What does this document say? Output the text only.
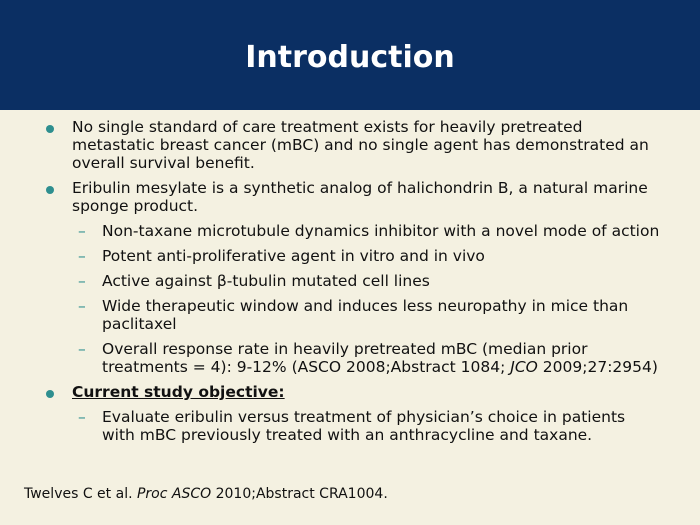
Introduction
No single standard of care treatment exists for heavily pretreated metastatic breast cancer (mBC) and no single agent has demonstrated an overall survival benefit.
Eribulin mesylate is a synthetic analog of halichondrin B, a natural marine sponge product.
– Non-taxane microtubule dynamics inhibitor with a novel mode of action
– Potent anti-proliferative agent in vitro and in vivo
– Active against β-tubulin mutated cell lines
– Wide therapeutic window and induces less neuropathy in mice than paclitaxel
– Overall response rate in heavily pretreated mBC (median prior treatments = 4): 9-12% (ASCO 2008;Abstract 1084; JCO 2009;27:2954)
Current study objective:
– Evaluate eribulin versus treatment of physician’s choice in patients with mBC previously treated with an anthracycline and taxane.
Twelves C et al. Proc ASCO 2010;Abstract CRA1004.
